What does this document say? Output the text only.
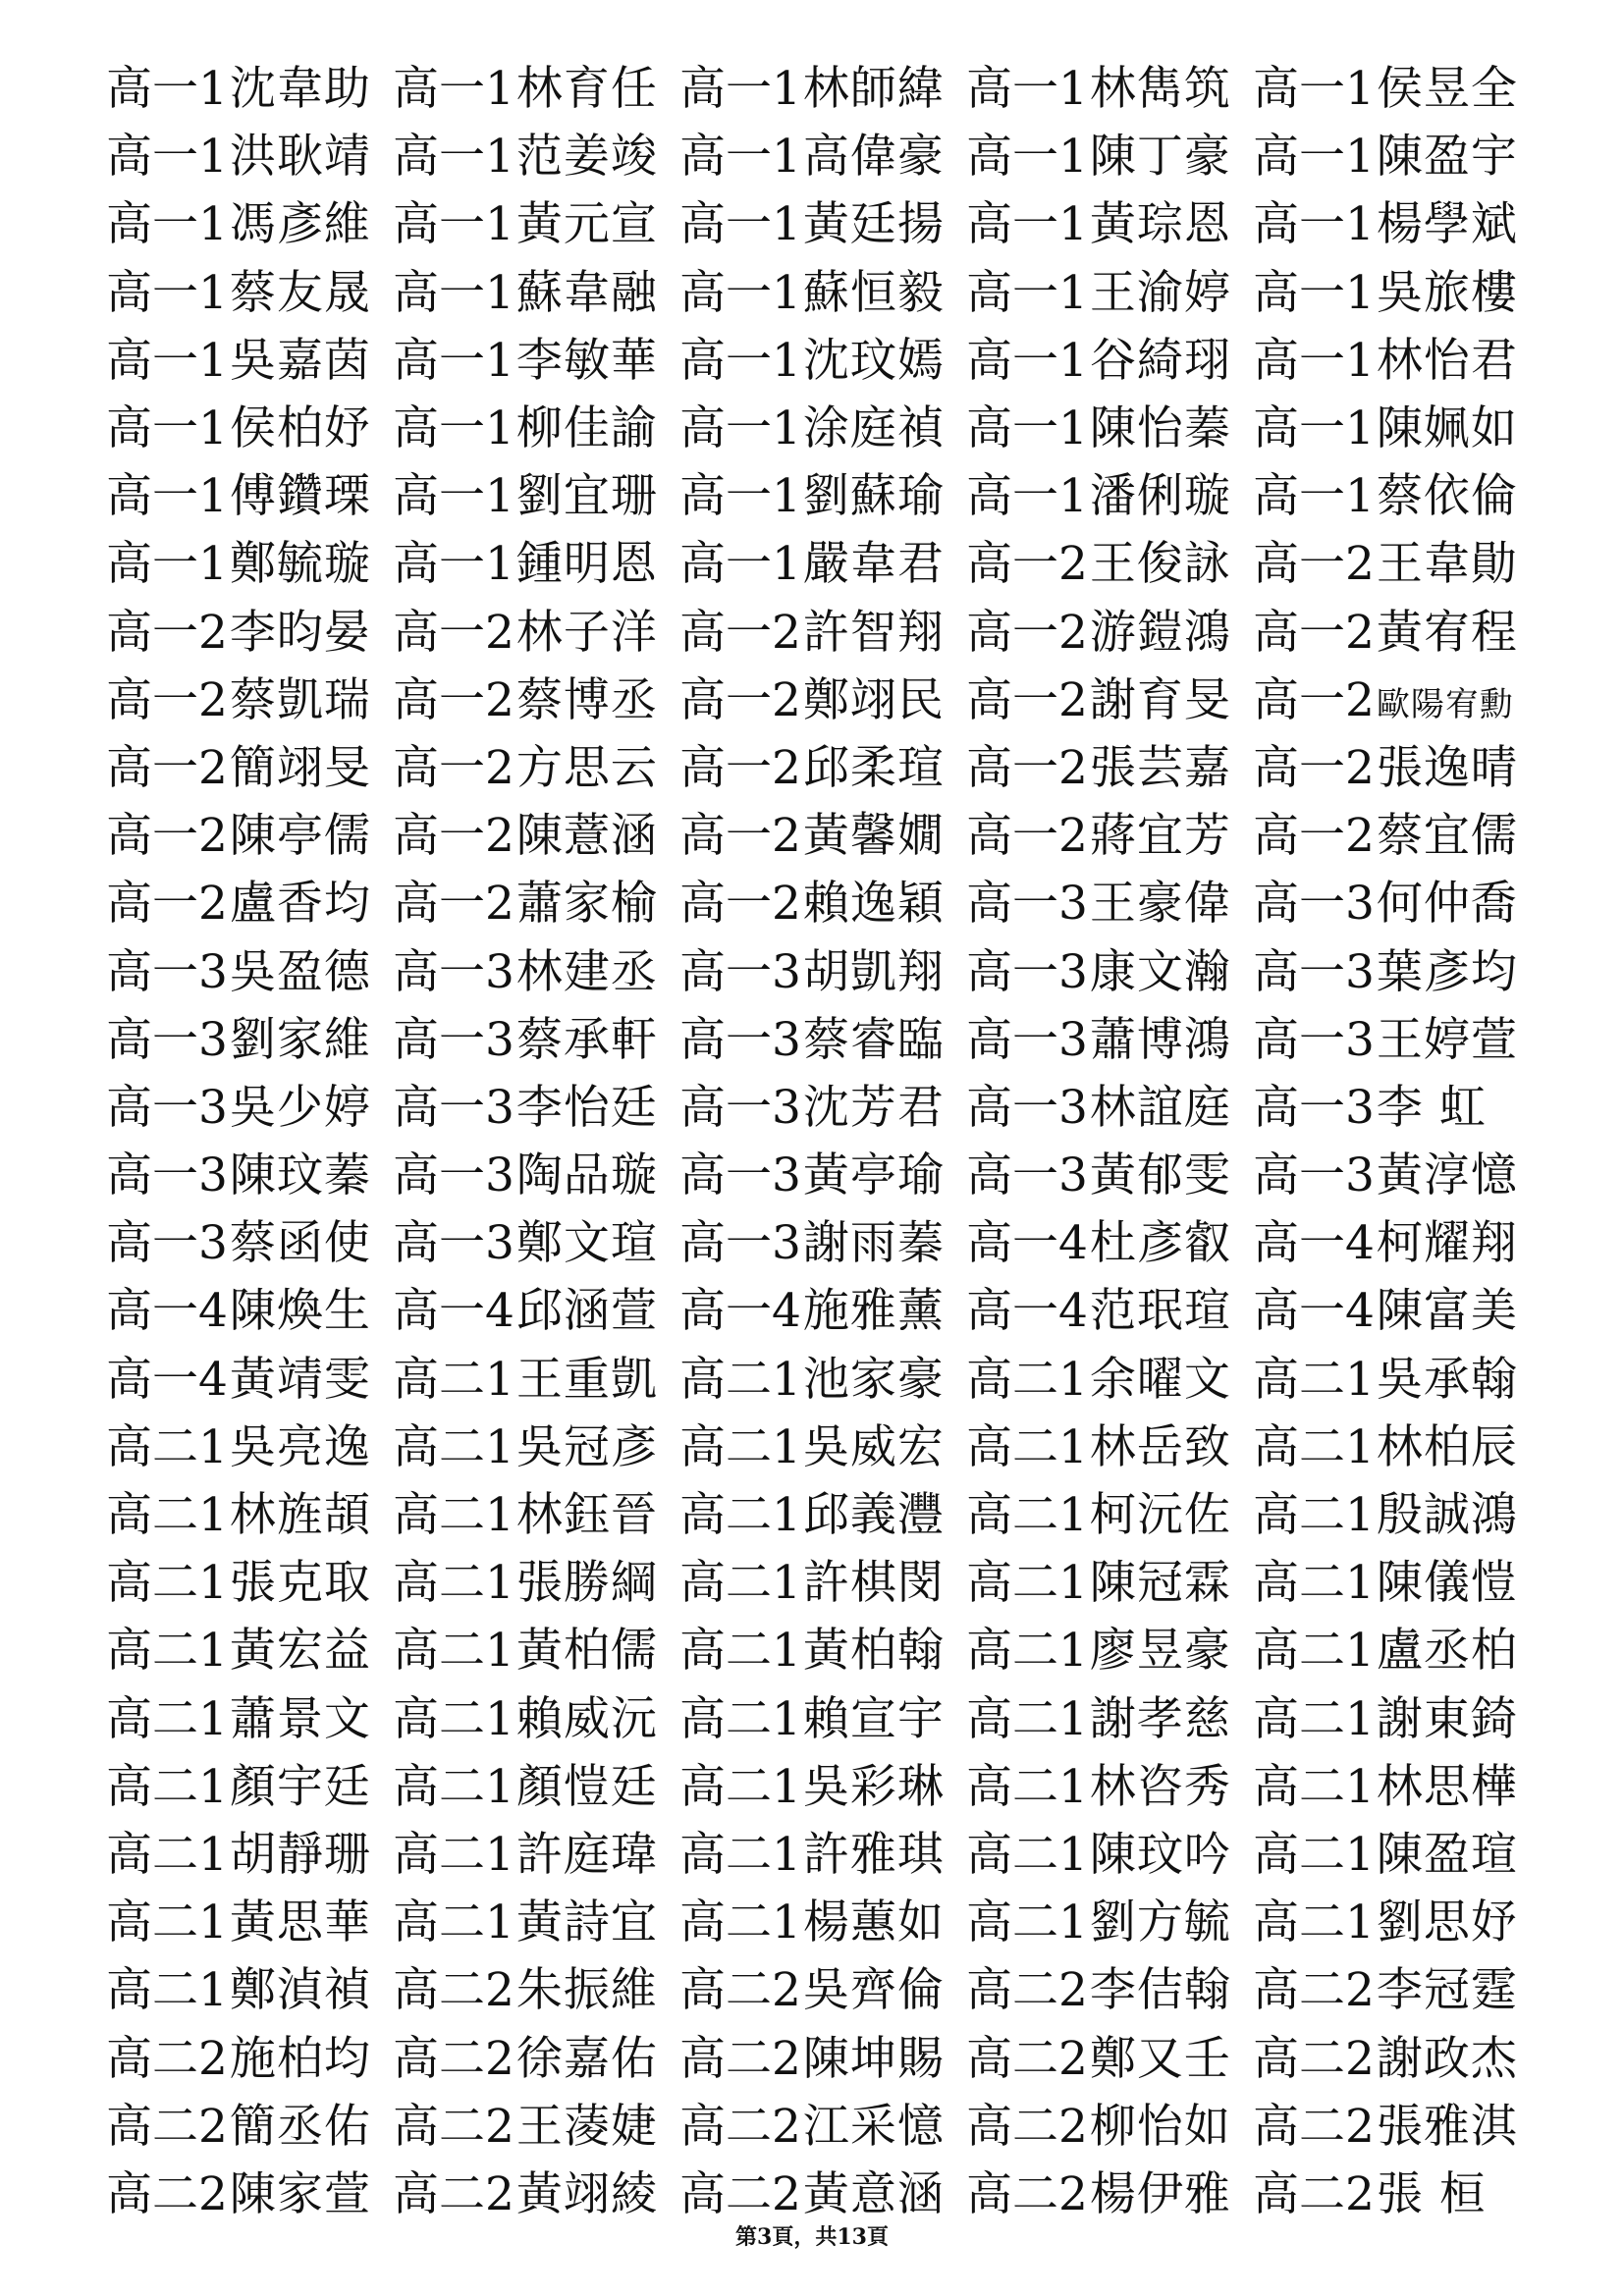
高一1 沈韋助 高一1 林育任 高一1 林師緯 高一1 林雋筑 高一1 侯昱全
高一1 洪耿靖 高一1 范姜竣 高一1 高偉豪 高一1 陳丁豪 高一1 陳盈宇
高一1 馮彥維 高一1 黃元宣 高一1 黃廷揚 高一1 黃琮恩 高一1 楊學斌
高一1 蔡友晟 高一1 蘇韋融 高一1 蘇恒毅 高一1 王渝婷 高一1 吳旅樓
高一1 吳嘉茵 高一1 李敏華 高一1 沈玟嫣 高一1 谷綺珝 高一1 林怡君
高一1 侯柏妤 高一1 柳佳諭 高一1 涂庭禎 高一1 陳怡蓁 高一1 陳姵如
高一1 傅鑽瑮 高一1 劉宜珊 高一1 劉蘇瑜 高一1 潘俐璇 高一1 蔡依倫
高一1 鄭毓璇 高一1 鍾明恩 高一1 嚴韋君 高一2 王俊詠 高一2 王韋勛
高一2 李昀晏 高一2 林子洋 高一2 許智翔 高一2 游鎧鴻 高一2 黃宥程
高一2 蔡凱瑞 高一2 蔡博丞 高一2 鄭翊民 高一2 謝育旻 高一2 歐陽宥勳
高一2 簡翊旻 高一2 方思云 高一2 邱柔瑄 高一2 張芸嘉 高一2 張逸晴
高一2 陳亭儒 高一2 陳薏涵 高一2 黃馨嫺 高一2 蔣宜芳 高一2 蔡宜儒
高一2 盧香均 高一2 蕭家榆 高一2 賴逸穎 高一3 王豪偉 高一3 何仲喬
高一3 吳盈德 高一3 林建丞 高一3 胡凱翔 高一3 康文瀚 高一3 葉彥均
高一3 劉家維 高一3 蔡承軒 高一3 蔡睿臨 高一3 蕭博鴻 高一3 王婷萱
高一3 吳少婷 高一3 李怡廷 高一3 沈芳君 高一3 林誼庭 高一3 李 虹
高一3 陳玟蓁 高一3 陶品璇 高一3 黃亭瑜 高一3 黃郁雯 高一3 黃淳憶
高一3 蔡函使 高一3 鄭文瑄 高一3 謝雨蓁 高一4 杜彥叡 高一4 柯耀翔
高一4 陳煥生 高一4 邱涵萱 高一4 施雅薰 高一4 范珉瑄 高一4 陳富美
高一4 黃靖雯 高二1 王重凱 高二1 池家豪 高二1 余曜文 高二1 吳承翰
高二1 吳亮逸 高二1 吳冠彥 高二1 吳威宏 高二1 林岳致 高二1 林柏辰
高二1 林旌頡 高二1 林鈺晉 高二1 邱義灃 高二1 柯沅佐 高二1 殷誠鴻
高二1 張克取 高二1 張勝綱 高二1 許棋閔 高二1 陳冠霖 高二1 陳儀愷
高二1 黃宏益 高二1 黃柏儒 高二1 黃柏翰 高二1 廖昱豪 高二1 盧丞柏
高二1 蕭景文 高二1 賴威沅 高二1 賴宣宇 高二1 謝孝慈 高二1 謝東錡
高二1 顏宇廷 高二1 顏愷廷 高二1 吳彩琳 高二1 林咨秀 高二1 林思樺
高二1 胡靜珊 高二1 許庭瑋 高二1 許雅琪 高二1 陳玟吟 高二1 陳盈瑄
高二1 黃思華 高二1 黃詩宜 高二1 楊蕙如 高二1 劉方毓 高二1 劉思妤
高二1 鄭湞禎 高二2 朱振維 高二2 吳齊倫 高二2 李佶翰 高二2 李冠霆
高二2 施柏均 高二2 徐嘉佑 高二2 陳坤賜 高二2 鄭又壬 高二2 謝政杰
高二2 簡丞佑 高二2 王蓤婕 高二2 江采憶 高二2 柳怡如 高二2 張雅淇
高二2 陳家萱 高二2 黃翊綾 高二2 黃意涵 高二2 楊伊雅 高二2 張 桓
第3頁，共13頁
